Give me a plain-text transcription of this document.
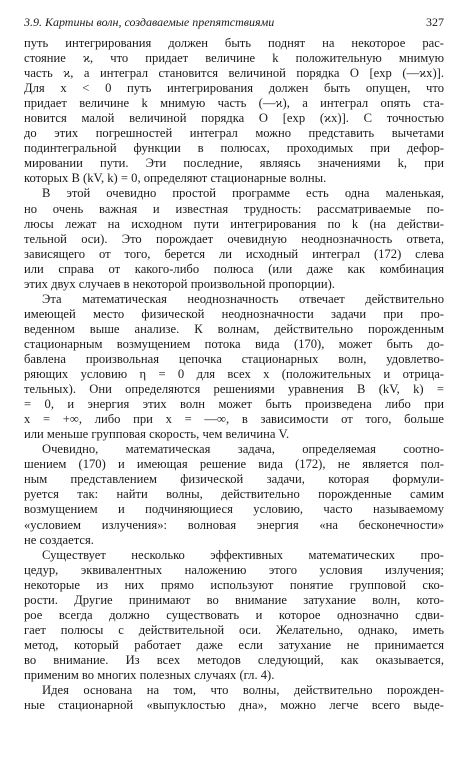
3.9. Картины волн, создаваемые препятствиями	327
путь интегрирования должен быть поднят на некоторое рас-
стояние ϰ, что придает величине k положительную мнимую
часть ϰ, а интеграл становится величиной порядка O [exp (—ϰx)].
Для x < 0 путь интегрирования должен быть опущен, что
придает величине k мнимую часть (—ϰ), а интеграл опять ста-
новится малой величиной порядка O [exp (ϰx)]. С точностью
до этих погрешностей интеграл можно представить вычетами
подинтегральной функции в полюсах, проходимых при дефор-
мировании пути. Эти последние, являясь значениями k, при
которых B (kV, k) = 0, определяют стационарные волны.
В этой очевидно простой программе есть одна маленькая,
но очень важная и известная трудность: рассматриваемые по-
люсы лежат на исходном пути интегрирования по k (на действи-
тельной оси). Это порождает очевидную неоднозначность ответа,
зависящего от того, берется ли исходный интеграл (172) слева
или справа от какого-либо полюса (или даже как комбинация
этих двух случаев в некоторой произвольной пропорции).
Эта математическая неоднозначность отвечает действительно
имеющей место физической неоднозначности задачи при про-
веденном выше анализе. К волнам, действительно порожденным
стационарным возмущением потока вида (170), может быть до-
бавлена произвольная цепочка стационарных волн, удовлетво-
ряющих условию η = 0 для всех x (положительных и отрица-
тельных). Они определяются решениями уравнения B (kV, k) =
= 0, и энергия этих волн может быть произведена либо при
x = +∞, либо при x = —∞, в зависимости от того, больше
или меньше групповая скорость, чем величина V.
Очевидно, математическая задача, определяемая соотно-
шением (170) и имеющая решение вида (172), не является пол-
ным представлением физической задачи, которая формули-
руется так: найти волны, действительно порожденные самим
возмущением и подчиняющиеся условию, часто называемому
«условием излучения»: волновая энергия «на бесконечности»
не создается.
Существует несколько эффективных математических про-
цедур, эквивалентных наложению этого условия излучения;
некоторые из них прямо используют понятие групповой ско-
рости. Другие принимают во внимание затухание волн, кото-
рое всегда должно существовать и которое однозначно сдви-
гает полюсы с действительной оси. Желательно, однако, иметь
метод, который работает даже если затухание не принимается
во внимание. Из всех методов следующий, как оказывается,
применим во многих полезных случаях (гл. 4).
Идея основана на том, что волны, действительно порожден-
ные стационарной «выпуклостью дна», можно легче всего выде-
